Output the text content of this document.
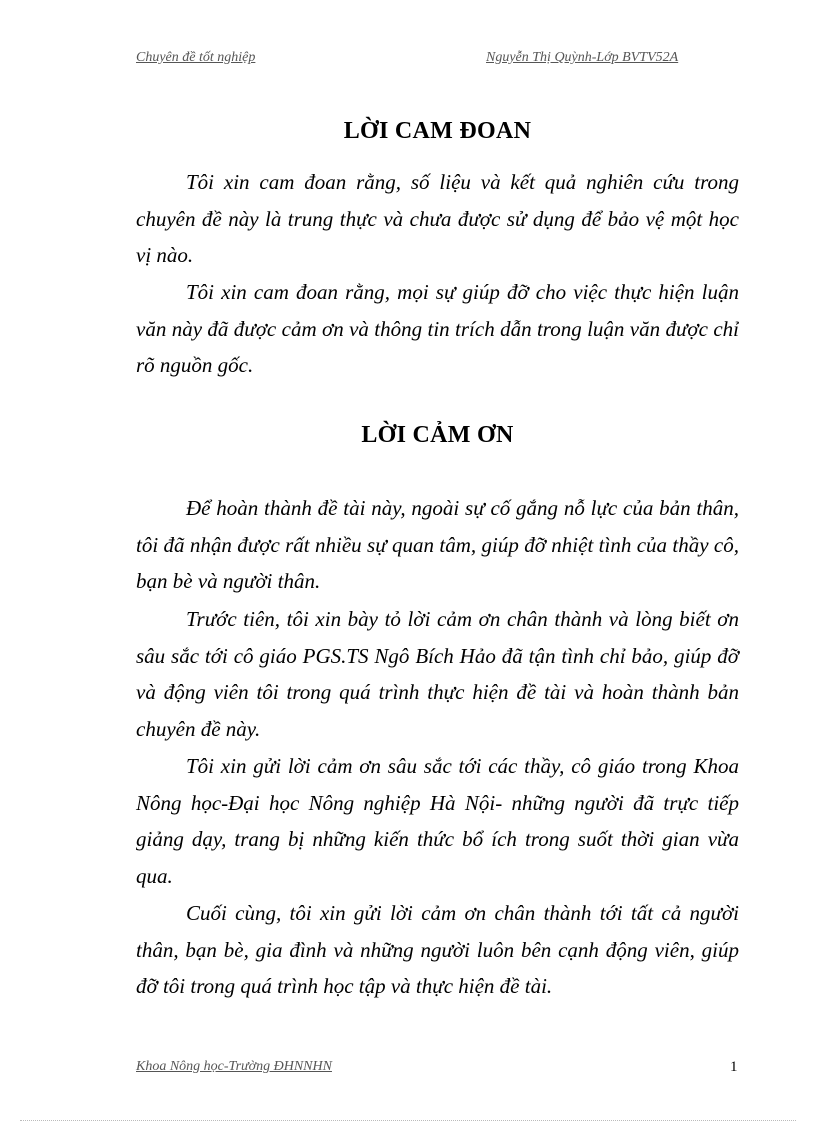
Chuyên đề tốt nghiệp	Nguyễn Thị Quỳnh-Lớp BVTV52A
LỜI CAM ĐOAN

Tôi xin cam đoan rằng, số liệu và kết quả nghiên cứu trong chuyên đề này là trung thực và chưa được sử dụng để bảo vệ một học vị nào.

Tôi xin cam đoan rằng, mọi sự giúp đỡ cho việc thực hiện luận văn này đã được cảm ơn và thông tin trích dẫn trong luận văn được chỉ rõ nguồn gốc.

LỜI CẢM ƠN

Để hoàn thành đề tài này, ngoài sự cố gắng nỗ lực của bản thân, tôi đã nhận được rất nhiều sự quan tâm, giúp đỡ nhiệt tình của thầy cô, bạn bè và người thân.

Trước tiên, tôi xin bày tỏ lời cảm ơn chân thành và lòng biết ơn sâu sắc tới cô giáo PGS.TS Ngô Bích Hảo đã tận tình chỉ bảo, giúp đỡ và động viên tôi trong quá trình thực hiện đề tài và hoàn thành bản chuyên đề này.

Tôi xin gửi lời cảm ơn sâu sắc tới các thầy, cô giáo trong Khoa Nông học-Đại học Nông nghiệp Hà Nội- những người đã trực tiếp giảng dạy, trang bị những kiến thức bổ ích trong suốt thời gian vừa qua.

Cuối cùng, tôi xin gửi lời cảm ơn chân thành tới tất cả người thân, bạn bè, gia đình và những người luôn bên cạnh động viên, giúp đỡ tôi trong quá trình học tập và thực hiện đề tài.

Khoa Nông học-Trường ĐHNNHN	1
